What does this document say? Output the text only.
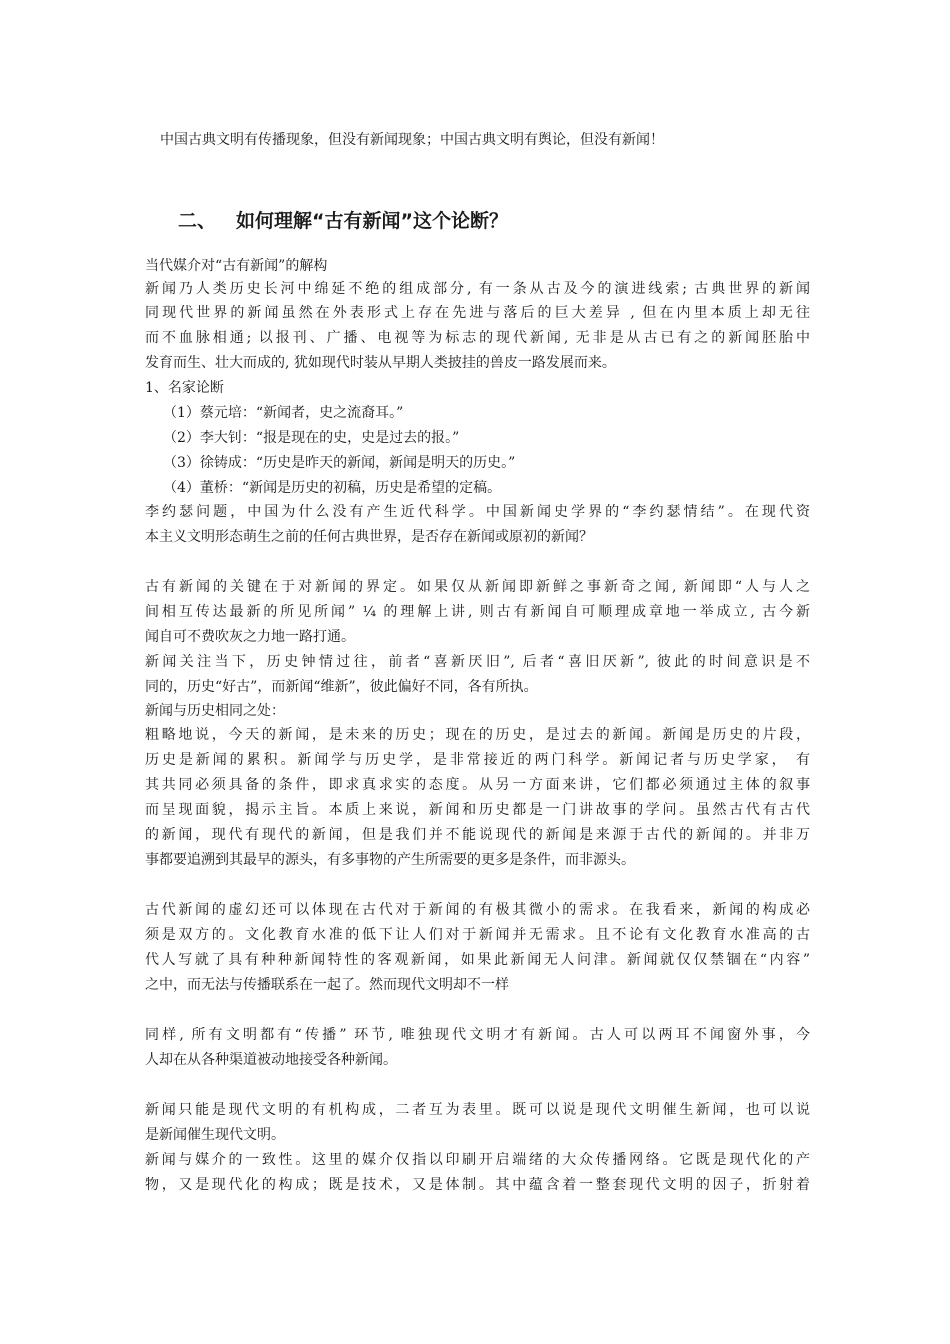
中国古典文明有传播现象，但没有新闻现象；中国古典文明有舆论，但没有新闻！
二、 如何理解“古有新闻”这个论断？
当代媒介对“古有新闻”的解构
新闻乃人类历史长河中绵延不绝的组成部分, 有一条从古及今的演进线索; 古典世界的新闻
同现代世界的新闻虽然在外表形式上存在先进与落后的巨大差异 , 但在内里本质上却无往
而不血脉相通; 以报刊、广播、电视等为标志的现代新闻, 无非是从古已有之的新闻胚胎中
发育而生、壮大而成的, 犹如现代时装从早期人类披挂的兽皮一路发展而来。
1、名家论断
（1）蔡元培：“新闻者，史之流裔耳。”
（2）李大钊：“报是现在的史，史是过去的报。”
（3）徐铸成：“历史是昨天的新闻，新闻是明天的历史。”
（4）董桥：“新闻是历史的初稿，历史是希望的定稿。
李约瑟问题，中国为什么没有产生近代科学。中国新闻史学界的“李约瑟情结”。在现代资
本主义文明形态萌生之前的任何古典世界，是否存在新闻或原初的新闻？
古有新闻的关键在于对新闻的界定。如果仅从新闻即新鲜之事新奇之闻, 新闻即“人与人之
间相互传达最新的所见所闻” ¼ 的理解上讲, 则古有新闻自可顺理成章地一举成立, 古今新
闻自可不费吹灰之力地一路打通。
新闻关注当下，历史钟情过往，前者“喜新厌旧”, 后者“喜旧厌新”, 彼此的时间意识是不
同的，历史“好古”，而新闻“维新”，彼此偏好不同，各有所执。
新闻与历史相同之处：
粗略地说，今天的新闻，是未来的历史；现在的历史，是过去的新闻。新闻是历史的片段，
历史是新闻的累积。新闻学与历史学，是非常接近的两门科学。新闻记者与历史学家， 有
其共同必须具备的条件，即求真求实的态度。从另一方面来讲，它们都必须通过主体的叙事
而呈现面貌，揭示主旨。本质上来说，新闻和历史都是一门讲故事的学问。虽然古代有古代
的新闻，现代有现代的新闻，但是我们并不能说现代的新闻是来源于古代的新闻的。并非万
事都要追溯到其最早的源头，有多事物的产生所需要的更多是条件，而非源头。
古代新闻的虚幻还可以体现在古代对于新闻的有极其微小的需求。在我看来，新闻的构成必
须是双方的。文化教育水准的低下让人们对于新闻并无需求。且不论有文化教育水准高的古
代人写就了具有种种新闻特性的客观新闻，如果此新闻无人问津。新闻就仅仅禁锢在“内容”
之中，而无法与传播联系在一起了。然而现代文明却不一样
同样, 所有文明都有“传播” 环节, 唯独现代文明才有新闻。古人可以两耳不闻窗外事，今
人却在从各种渠道被动地接受各种新闻。
新闻只能是现代文明的有机构成，二者互为表里。既可以说是现代文明催生新闻，也可以说
是新闻催生现代文明。
新闻与媒介的一致性。这里的媒介仅指以印刷开启端绪的大众传播网络。它既是现代化的产
物，又是现代化的构成；既是技术，又是体制。其中蕴含着一整套现代文明的因子，折射着
